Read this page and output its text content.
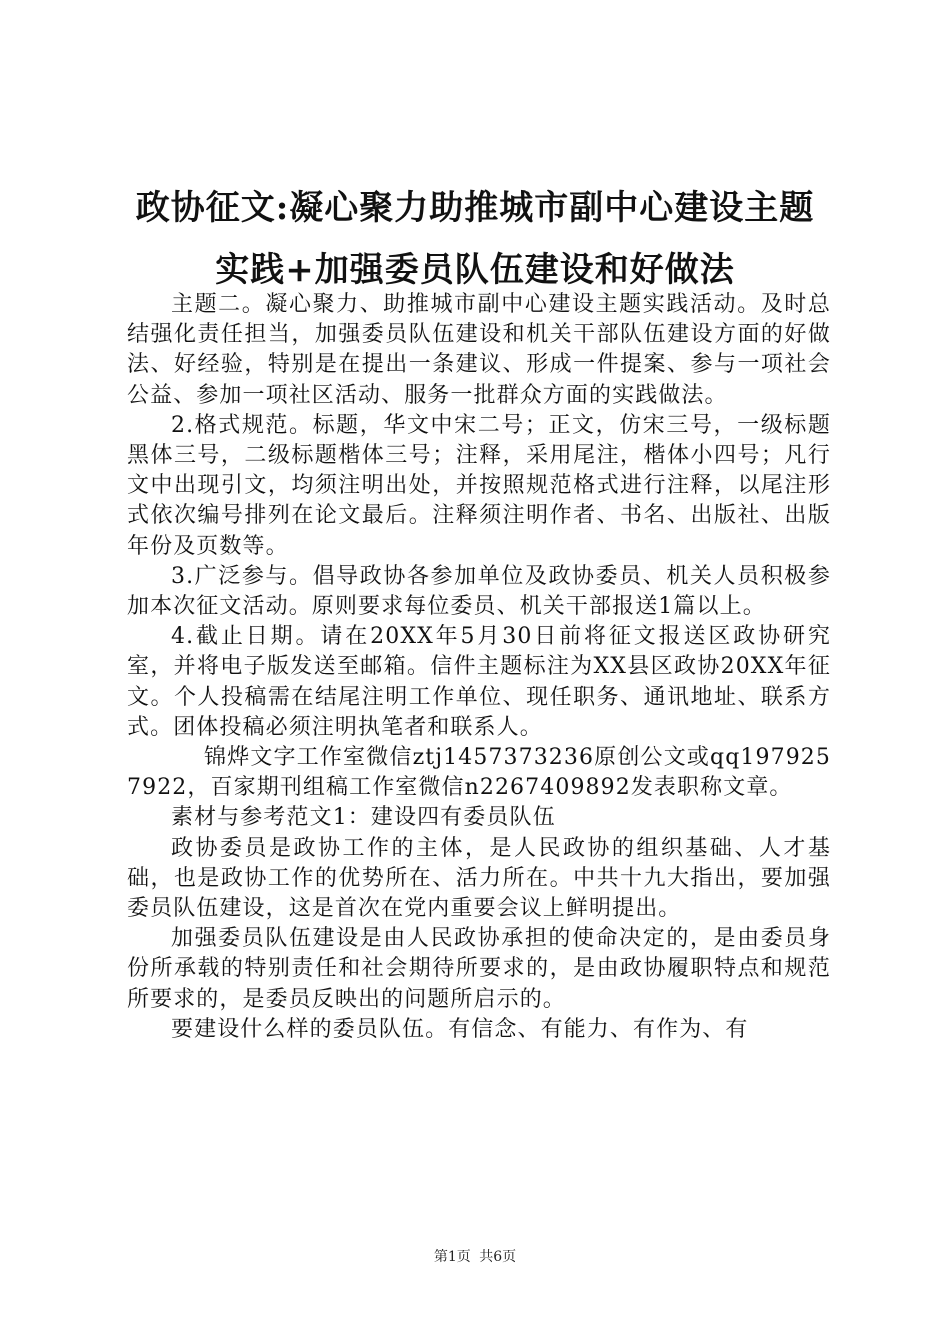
政协征文:凝心聚力助推城市副中心建设主题
实践+加强委员队伍建设和好做法

主题二。凝心聚力、助推城市副中心建设主题实践活动。及时总结强化责任担当，加强委员队伍建设和机关干部队伍建设方面的好做法、好经验，特别是在提出一条建议、形成一件提案、参与一项社会公益、参加一项社区活动、服务一批群众方面的实践做法。

2.格式规范。标题，华文中宋二号；正文，仿宋三号，一级标题黑体三号，二级标题楷体三号；注释，采用尾注，楷体小四号；凡行文中出现引文，均须注明出处，并按照规范格式进行注释，以尾注形式依次编号排列在论文最后。注释须注明作者、书名、出版社、出版年份及页数等。

3.广泛参与。倡导政协各参加单位及政协委员、机关人员积极参加本次征文活动。原则要求每位委员、机关干部报送1篇以上。

4.截止日期。请在20XX年5月30日前将征文报送区政协研究室，并将电子版发送至邮箱。信件主题标注为XX县区政协20XX年征文。个人投稿需在结尾注明工作单位、现任职务、通讯地址、联系方式。团体投稿必须注明执笔者和联系人。

锦烨文字工作室微信ztj1457373236原创公文或qq1979257922，百家期刊组稿工作室微信n2267409892发表职称文章。

素材与参考范文1：建设四有委员队伍

政协委员是政协工作的主体，是人民政协的组织基础、人才基础，也是政协工作的优势所在、活力所在。中共十九大指出，要加强委员队伍建设，这是首次在党内重要会议上鲜明提出。

加强委员队伍建设是由人民政协承担的使命决定的，是由委员身份所承载的特别责任和社会期待所要求的，是由政协履职特点和规范所要求的，是委员反映出的问题所启示的。

要建设什么样的委员队伍。有信念、有能力、有作为、有

第1页 共6页
